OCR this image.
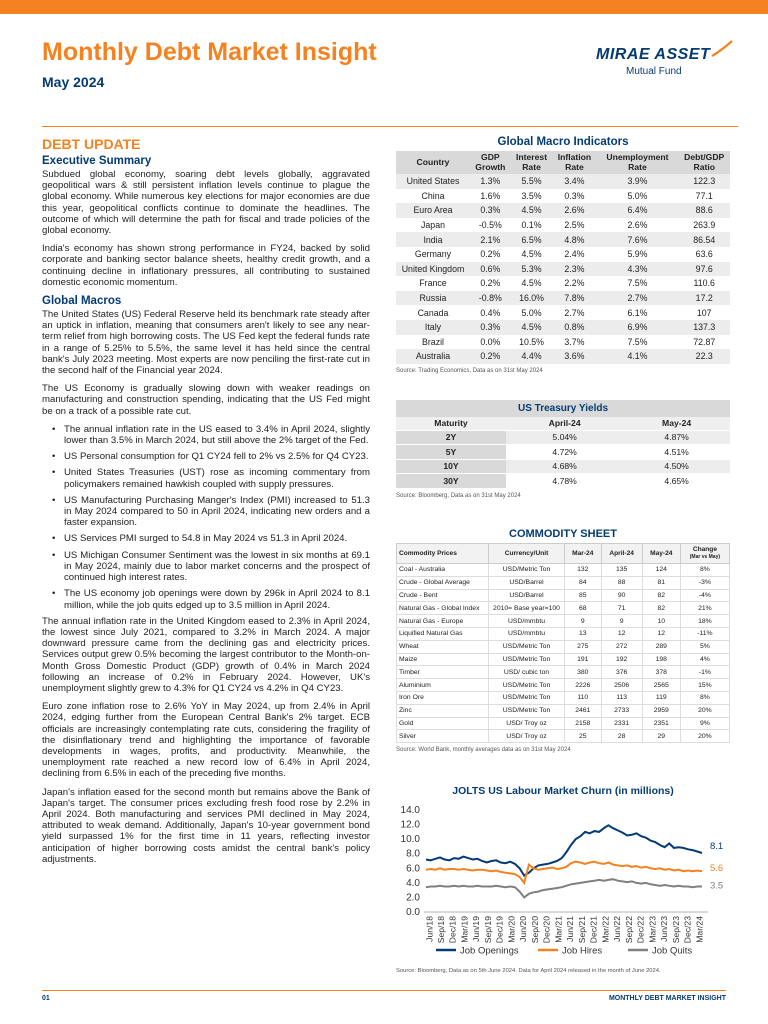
Monthly Debt Market Insight
May 2024
MIRAE ASSET
Mutual Fund
DEBT UPDATE
Executive Summary

Subdued global economy, soaring debt levels globally, aggravated geopolitical wars & still persistent inflation levels continue to plague the global economy. While numerous key elections for major economies are due this year, geopolitical conflicts continue to dominate the headlines. The outcome of which will determine the path for fiscal and trade policies of the global economy.

India's economy has shown strong performance in FY24, backed by solid corporate and banking sector balance sheets, healthy credit growth, and a continuing decline in inflationary pressures, all contributing to sustained domestic economic momentum.

Global Macros

The United States (US) Federal Reserve held its benchmark rate steady after an uptick in inflation, meaning that consumers aren't likely to see any near-term relief from high borrowing costs. The US Fed kept the federal funds rate in a range of 5.25% to 5.5%, the same level it has held since the central bank's July 2023 meeting. Most experts are now penciling the first-rate cut in the second half of the Financial year 2024.

The US Economy is gradually slowing down with weaker readings on manufacturing and construction spending, indicating that the US Fed might be on a track of a possible rate cut.

• The annual inflation rate in the US eased to 3.4% in April 2024, slightly lower than 3.5% in March 2024, but still above the 2% target of the Fed.
• US Personal consumption for Q1 CY24 fell to 2% vs 2.5% for Q4 CY23.
• United States Treasuries (UST) rose as incoming commentary from policymakers remained hawkish coupled with supply pressures.
• US Manufacturing Purchasing Manger's Index (PMI) increased to 51.3 in May 2024 compared to 50 in April 2024, indicating new orders and a faster expansion.
• US Services PMI surged to 54.8 in May 2024 vs 51.3 in April 2024.
• US Michigan Consumer Sentiment was the lowest in six months at 69.1 in May 2024, mainly due to labor market concerns and the prospect of continued high interest rates.
• The US economy job openings were down by 296k in April 2024 to 8.1 million, while the job quits edged up to 3.5 million in April 2024.

The annual inflation rate in the United Kingdom eased to 2.3% in April 2024, the lowest since July 2021, compared to 3.2% in March 2024. A major downward pressure came from the declining gas and electricity prices. Services output grew 0.5% becoming the largest contributor to the Month-on-Month Gross Domestic Product (GDP) growth of 0.4% in March 2024 following an increase of 0.2% in February 2024. However, UK's unemployment slightly grew to 4.3% for Q1 CY24 vs 4.2% in Q4 CY23.

Euro zone inflation rose to 2.6% YoY in May 2024, up from 2.4% in April 2024, edging further from the European Central Bank's 2% target. ECB officials are increasingly contemplating rate cuts, considering the fragility of the disinflationary trend and highlighting the importance of favorable developments in wages, profits, and productivity. Meanwhile, the unemployment rate reached a new record low of 6.4% in April 2024, declining from 6.5% in each of the preceding five months.

Japan's inflation eased for the second month but remains above the Bank of Japan's target. The consumer prices excluding fresh food rose by 2.2% in April 2024. Both manufacturing and services PMI declined in May 2024, attributed to weak demand. Additionally, Japan's 10-year government bond yield surpassed 1% for the first time in 11 years, reflecting investor anticipation of higher borrowing costs amidst the central bank's policy adjustments.

Global Macro Indicators
Country	GDP Growth	Interest Rate	Inflation Rate	Unemployment Rate	Debt/GDP Ratio
United States	1.3%	5.5%	3.4%	3.9%	122.3
China	1.6%	3.5%	0.3%	5.0%	77.1
Euro Area	0.3%	4.5%	2.6%	6.4%	88.6
Japan	-0.5%	0.1%	2.5%	2.6%	263.9
India	2.1%	6.5%	4.8%	7.6%	86.54
Germany	0.2%	4.5%	2.4%	5.9%	63.6
United Kingdom	0.6%	5.3%	2.3%	4.3%	97.6
France	0.2%	4.5%	2.2%	7.5%	110.6
Russia	-0.8%	16.0%	7.8%	2.7%	17.2
Canada	0.4%	5.0%	2.7%	6.1%	107
Italy	0.3%	4.5%	0.8%	6.9%	137.3
Brazil	0.0%	10.5%	3.7%	7.5%	72.87
Australia	0.2%	4.4%	3.6%	4.1%	22.3
Source: Trading Economics, Data as on 31st May 2024
US Treasury Yields
Maturity	April-24	May-24
2Y	5.04%	4.87%
5Y	4.72%	4.51%
10Y	4.68%	4.50%
30Y	4.78%	4.65%
Source: Bloomberg, Data as on 31st May 2024
COMMODITY SHEET
Commodity Prices	Currency/Unit	Mar-24	April-24	May-24	Change
(Mar vs May)
Coal - Australia	USD/Metric Ton	132	135	124	8%
Crude - Global Average	USD/Barrel	84	88	81	-3%
Crude - Bent	USD/Barrel	85	90	82	-4%
Natural Gas - Global Index	2010= Base year=100	68	71	82	21%
Natural Gas - Europe	USD/mmbtu	9	9	10	18%
Liquified Natural Gas	USD/mmbtu	13	12	12	-11%
Wheat	USD/Metric Ton	275	272	289	5%
Maize	USD/Metric Ton	191	192	198	4%
Timber	USD/ cubic ton	380	376	378	-1%
Aluminium	USD/Metric Ton	2226	2506	2565	15%
Iron Ore	USD/Metric Ton	110	113	119	8%
Zinc	USD/Metric Ton	2461	2733	2959	20%
Gold	USD/ Troy oz	2158	2331	2351	9%
Silver	USD/ Troy oz	25	28	29	20%
Source: World Bank, monthly averages data as on 31st May 2024
JOLTS US Labour Market Churn (in millions)
0.0
2.0
4.0
6.0
8.0
10.0
12.0
14.0
Jun/18 Sep/18 Dec/18 Mar/19 Jun/19 Sep/19 Dec/19 Mar/20 Jun/20 Sep/20 Dec/20 Mar/21 Jun/21 Sep/21 Dec/21 Mar/22 Jun/22 Sep/22 Dec/22 Mar/23 Jun/23 Sep/23 Dec/23 Mar/24
8.1
5.6
3.5
Job Openings	Job Hires	Job Quits
Source: Bloomberg, Data as on 5th June 2024. Data for April 2024 released in the month of June 2024.
01	MONTHLY DEBT MARKET INSIGHT
